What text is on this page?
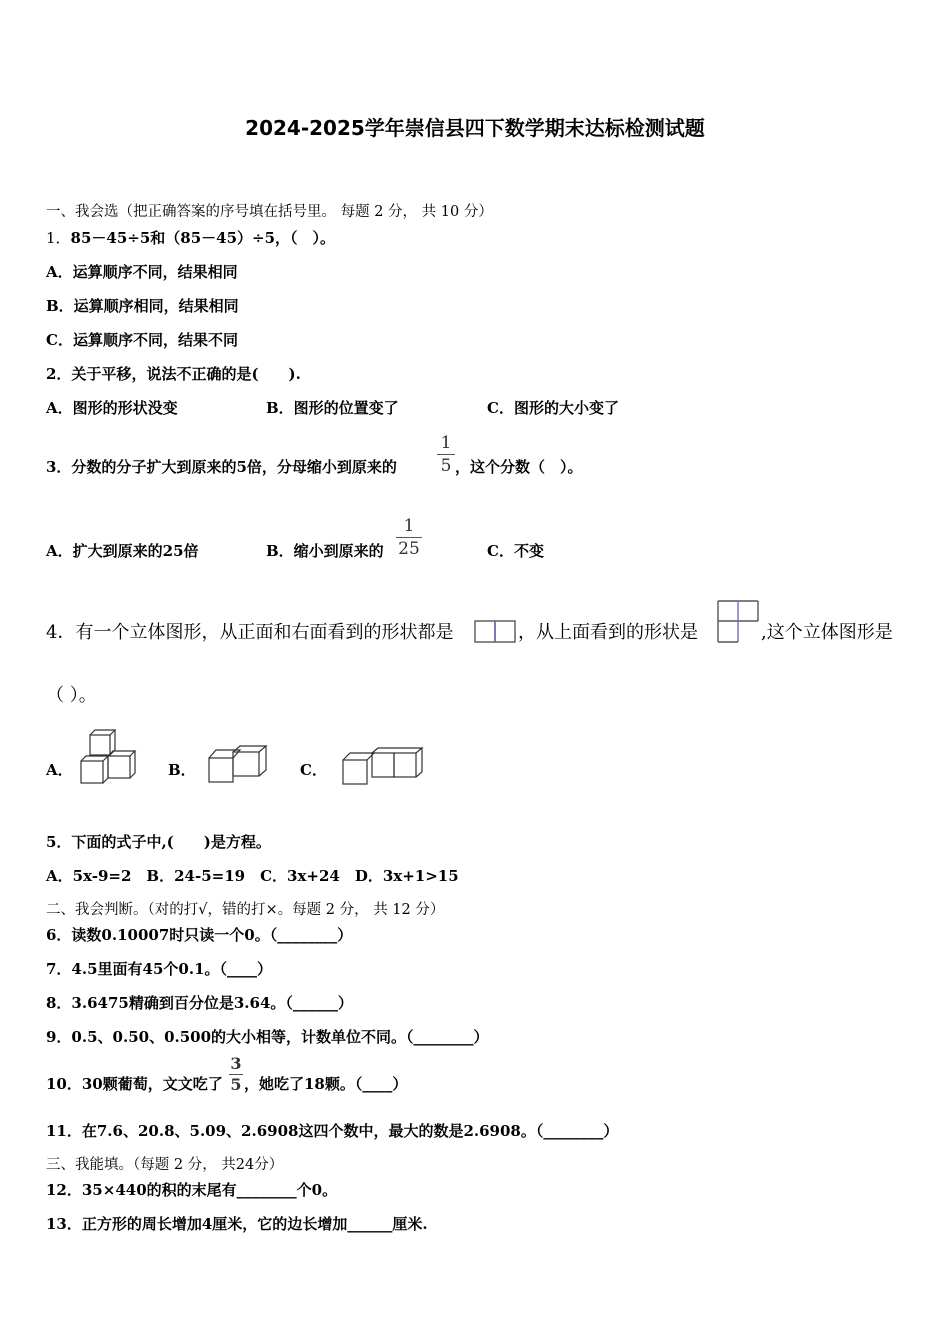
2024-2025学年崇信县四下数学期末达标检测试题
一、我会选（把正确答案的序号填在括号里。 每题 2 分， 共 10 分）
1．85－45÷5和（85－45）÷5，（　）。
A．运算顺序不同，结果相同
B．运算顺序相同，结果相同
C．运算顺序不同，结果不同
2．关于平移，说法不正确的是(　　).
A．图形的形状没变	B．图形的位置变了	C．图形的大小变了
3．分数的分子扩大到原来的5倍，分母缩小到原来的 $\frac{1}{5}$ ，这个分数（　）。
A．扩大到原来的25倍	B．缩小到原来的 $\frac{1}{25}$	C．不变
4．有一个立体图形，从正面和右面看到的形状都是	，从上面看到的形状是	,这个立体图形是
（ ）。
A．	B．	C．
5．下面的式子中,(　　)是方程。
A．5x-9=2　B．24-5=19　C．3x+24　D．3x+1>15
二、我会判断。（对的打√，错的打×。每题 2 分， 共 12 分）
6．读数0.10007时只读一个0。（________）
7．4.5里面有45个0.1。（____）
8．3.6475精确到百分位是3.64。（______）
9．0.5、0.50、0.500的大小相等，计数单位不同。（________）
10．30颗葡萄，文文吃了 $\frac{3}{5}$ ，她吃了18颗。（____）
11．在7.6、20.8、5.09、2.6908这四个数中，最大的数是2.6908。（________）
三、我能填。（每题 2 分， 共24分）
12．35×440的积的末尾有________个0。
13．正方形的周长增加4厘米，它的边长增加______厘米.
